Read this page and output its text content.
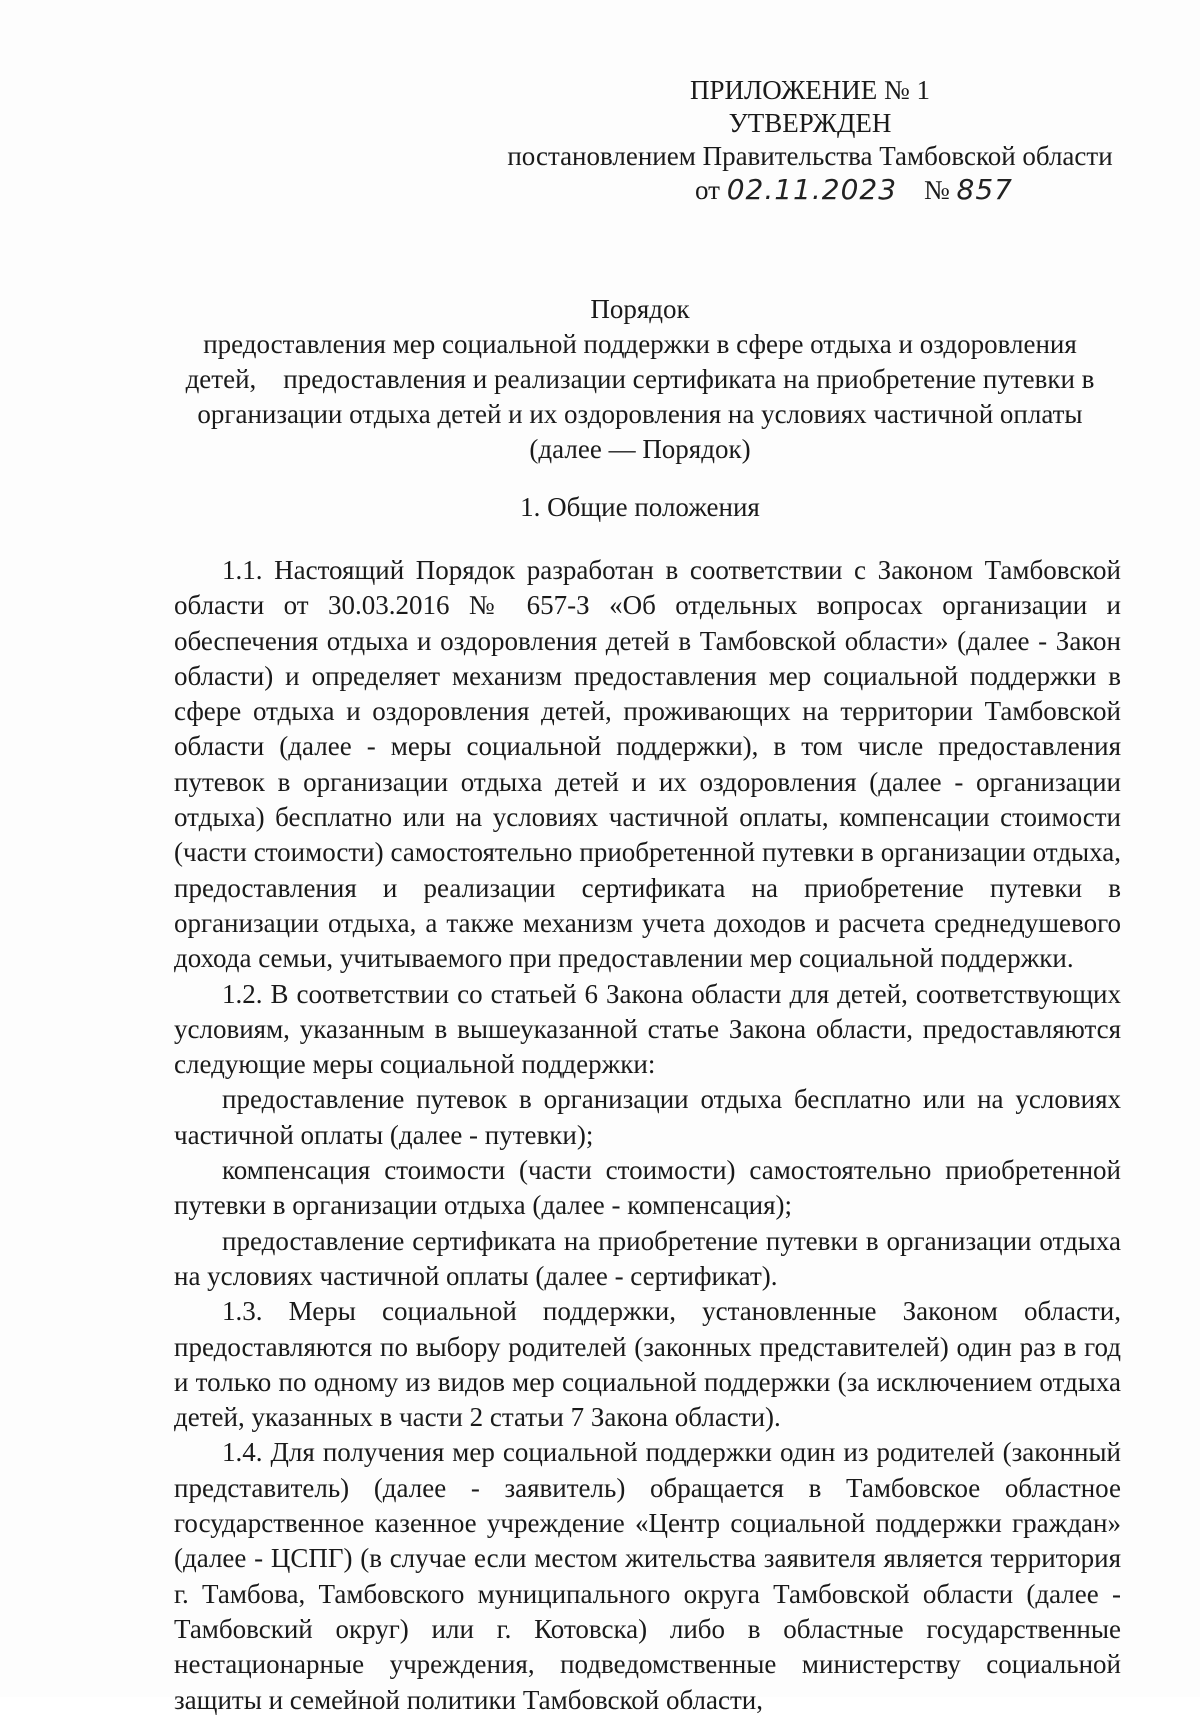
ПРИЛОЖЕНИЕ № 1
УТВЕРЖДЕН
постановлением Правительства Тамбовской области
от 02.11.2023 № 857
Порядок
предоставления мер социальной поддержки в сфере отдыха и оздоровления
детей,    предоставления и реализации сертификата на приобретение путевки в
организации отдыха детей и их оздоровления на условиях частичной оплаты
(далее — Порядок)
1. Общие положения

1.1. Настоящий Порядок разработан в соответствии с Законом Тамбовской области от 30.03.2016 № 657-З «Об отдельных вопросах организации и обеспечения отдыха и оздоровления детей в Тамбовской области» (далее - Закон области) и определяет механизм предоставления мер социальной поддержки в сфере отдыха и оздоровления детей, проживающих на территории Тамбовской области (далее - меры социальной поддержки), в том числе предоставления путевок в организации отдыха детей и их оздоровления (далее - организации отдыха) бесплатно или на условиях частичной оплаты, компенсации стоимости (части стоимости) самостоятельно приобретенной путевки в организации отдыха, предоставления и реализации сертификата на приобретение путевки в организации отдыха, а также механизм учета доходов и расчета среднедушевого дохода семьи, учитываемого при предоставлении мер социальной поддержки.

1.2. В соответствии со статьей 6 Закона области для детей, соответствующих условиям, указанным в вышеуказанной статье Закона области, предоставляются следующие меры социальной поддержки:

предоставление путевок в организации отдыха бесплатно или на условиях частичной оплаты (далее - путевки);

компенсация стоимости (части стоимости) самостоятельно приобретенной путевки в организации отдыха (далее - компенсация);

предоставление сертификата на приобретение путевки в организации отдыха на условиях частичной оплаты (далее - сертификат).

1.3. Меры социальной поддержки, установленные Законом области, предоставляются по выбору родителей (законных представителей) один раз в год и только по одному из видов мер социальной поддержки (за исключением отдыха детей, указанных в части 2 статьи 7 Закона области).

1.4. Для получения мер социальной поддержки один из родителей (законный представитель) (далее - заявитель) обращается в Тамбовское областное государственное казенное учреждение «Центр социальной поддержки граждан» (далее - ЦСПГ) (в случае если местом жительства заявителя является территория г. Тамбова, Тамбовского муниципального округа Тамбовской области (далее - Тамбовский округ) или г. Котовска) либо в областные государственные нестационарные учреждения, подведомственные министерству социальной защиты и семейной политики Тамбовской области,
